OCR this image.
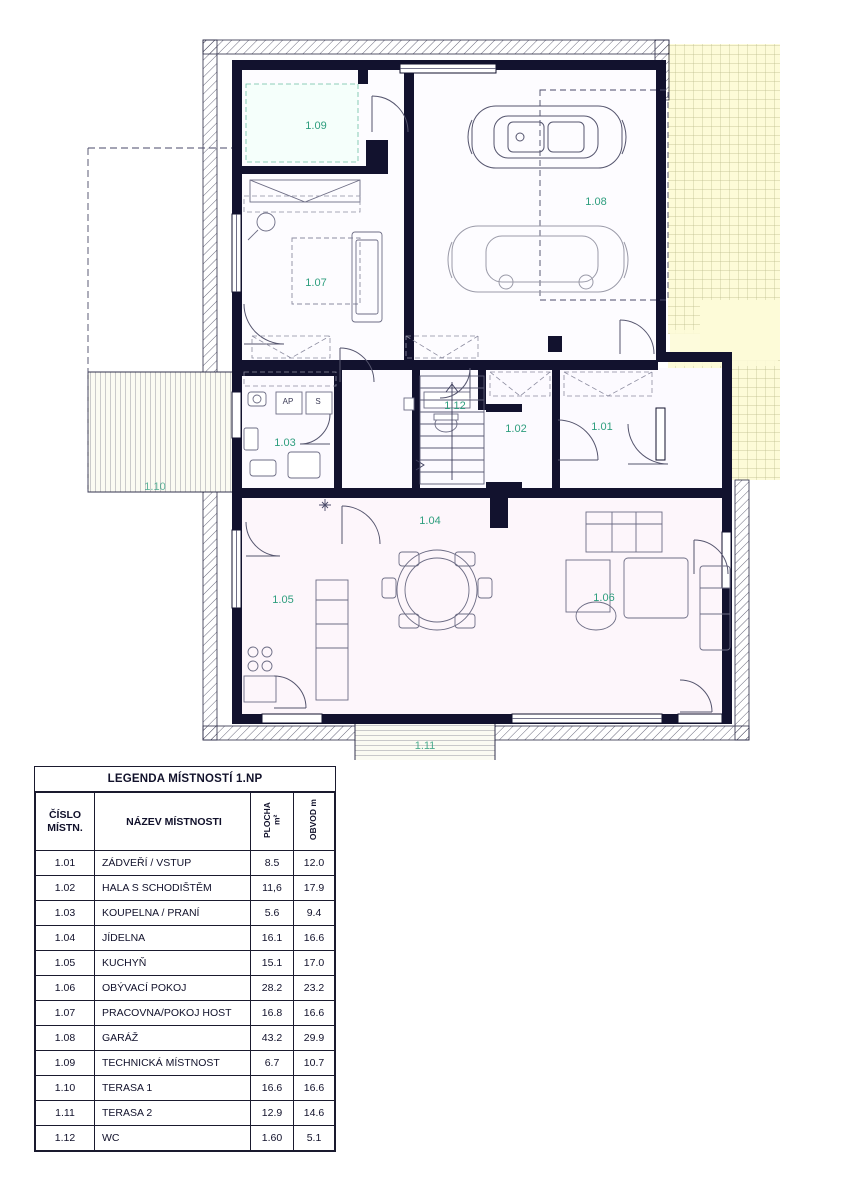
1.09
1.08
1.07
1.03
1.12
1.02	1.01
1.04
1.05	1.06
1.10
1.11
AP	S
LEGENDA MÍSTNOSTÍ 1.NP
ČÍSLO
MÍSTN.	NÁZEV MÍSTNOSTI	PLOCHA m²	OBVOD m
1.01	ZÁDVEŘÍ / VSTUP	8.5	12.0
1.02	HALA S SCHODIŠTĚM	11,6	17.9
1.03	KOUPELNA / PRANÍ	5.6	9.4
1.04	JÍDELNA	16.1	16.6
1.05	KUCHYŇ	15.1	17.0
1.06	OBÝVACÍ POKOJ	28.2	23.2
1.07	PRACOVNA/POKOJ HOST	16.8	16.6
1.08	GARÁŽ	43.2	29.9
1.09	TECHNICKÁ MÍSTNOST	6.7	10.7
1.10	TERASA 1	16.6	16.6
1.11	TERASA 2	12.9	14.6
1.12	WC	1.60	5.1
